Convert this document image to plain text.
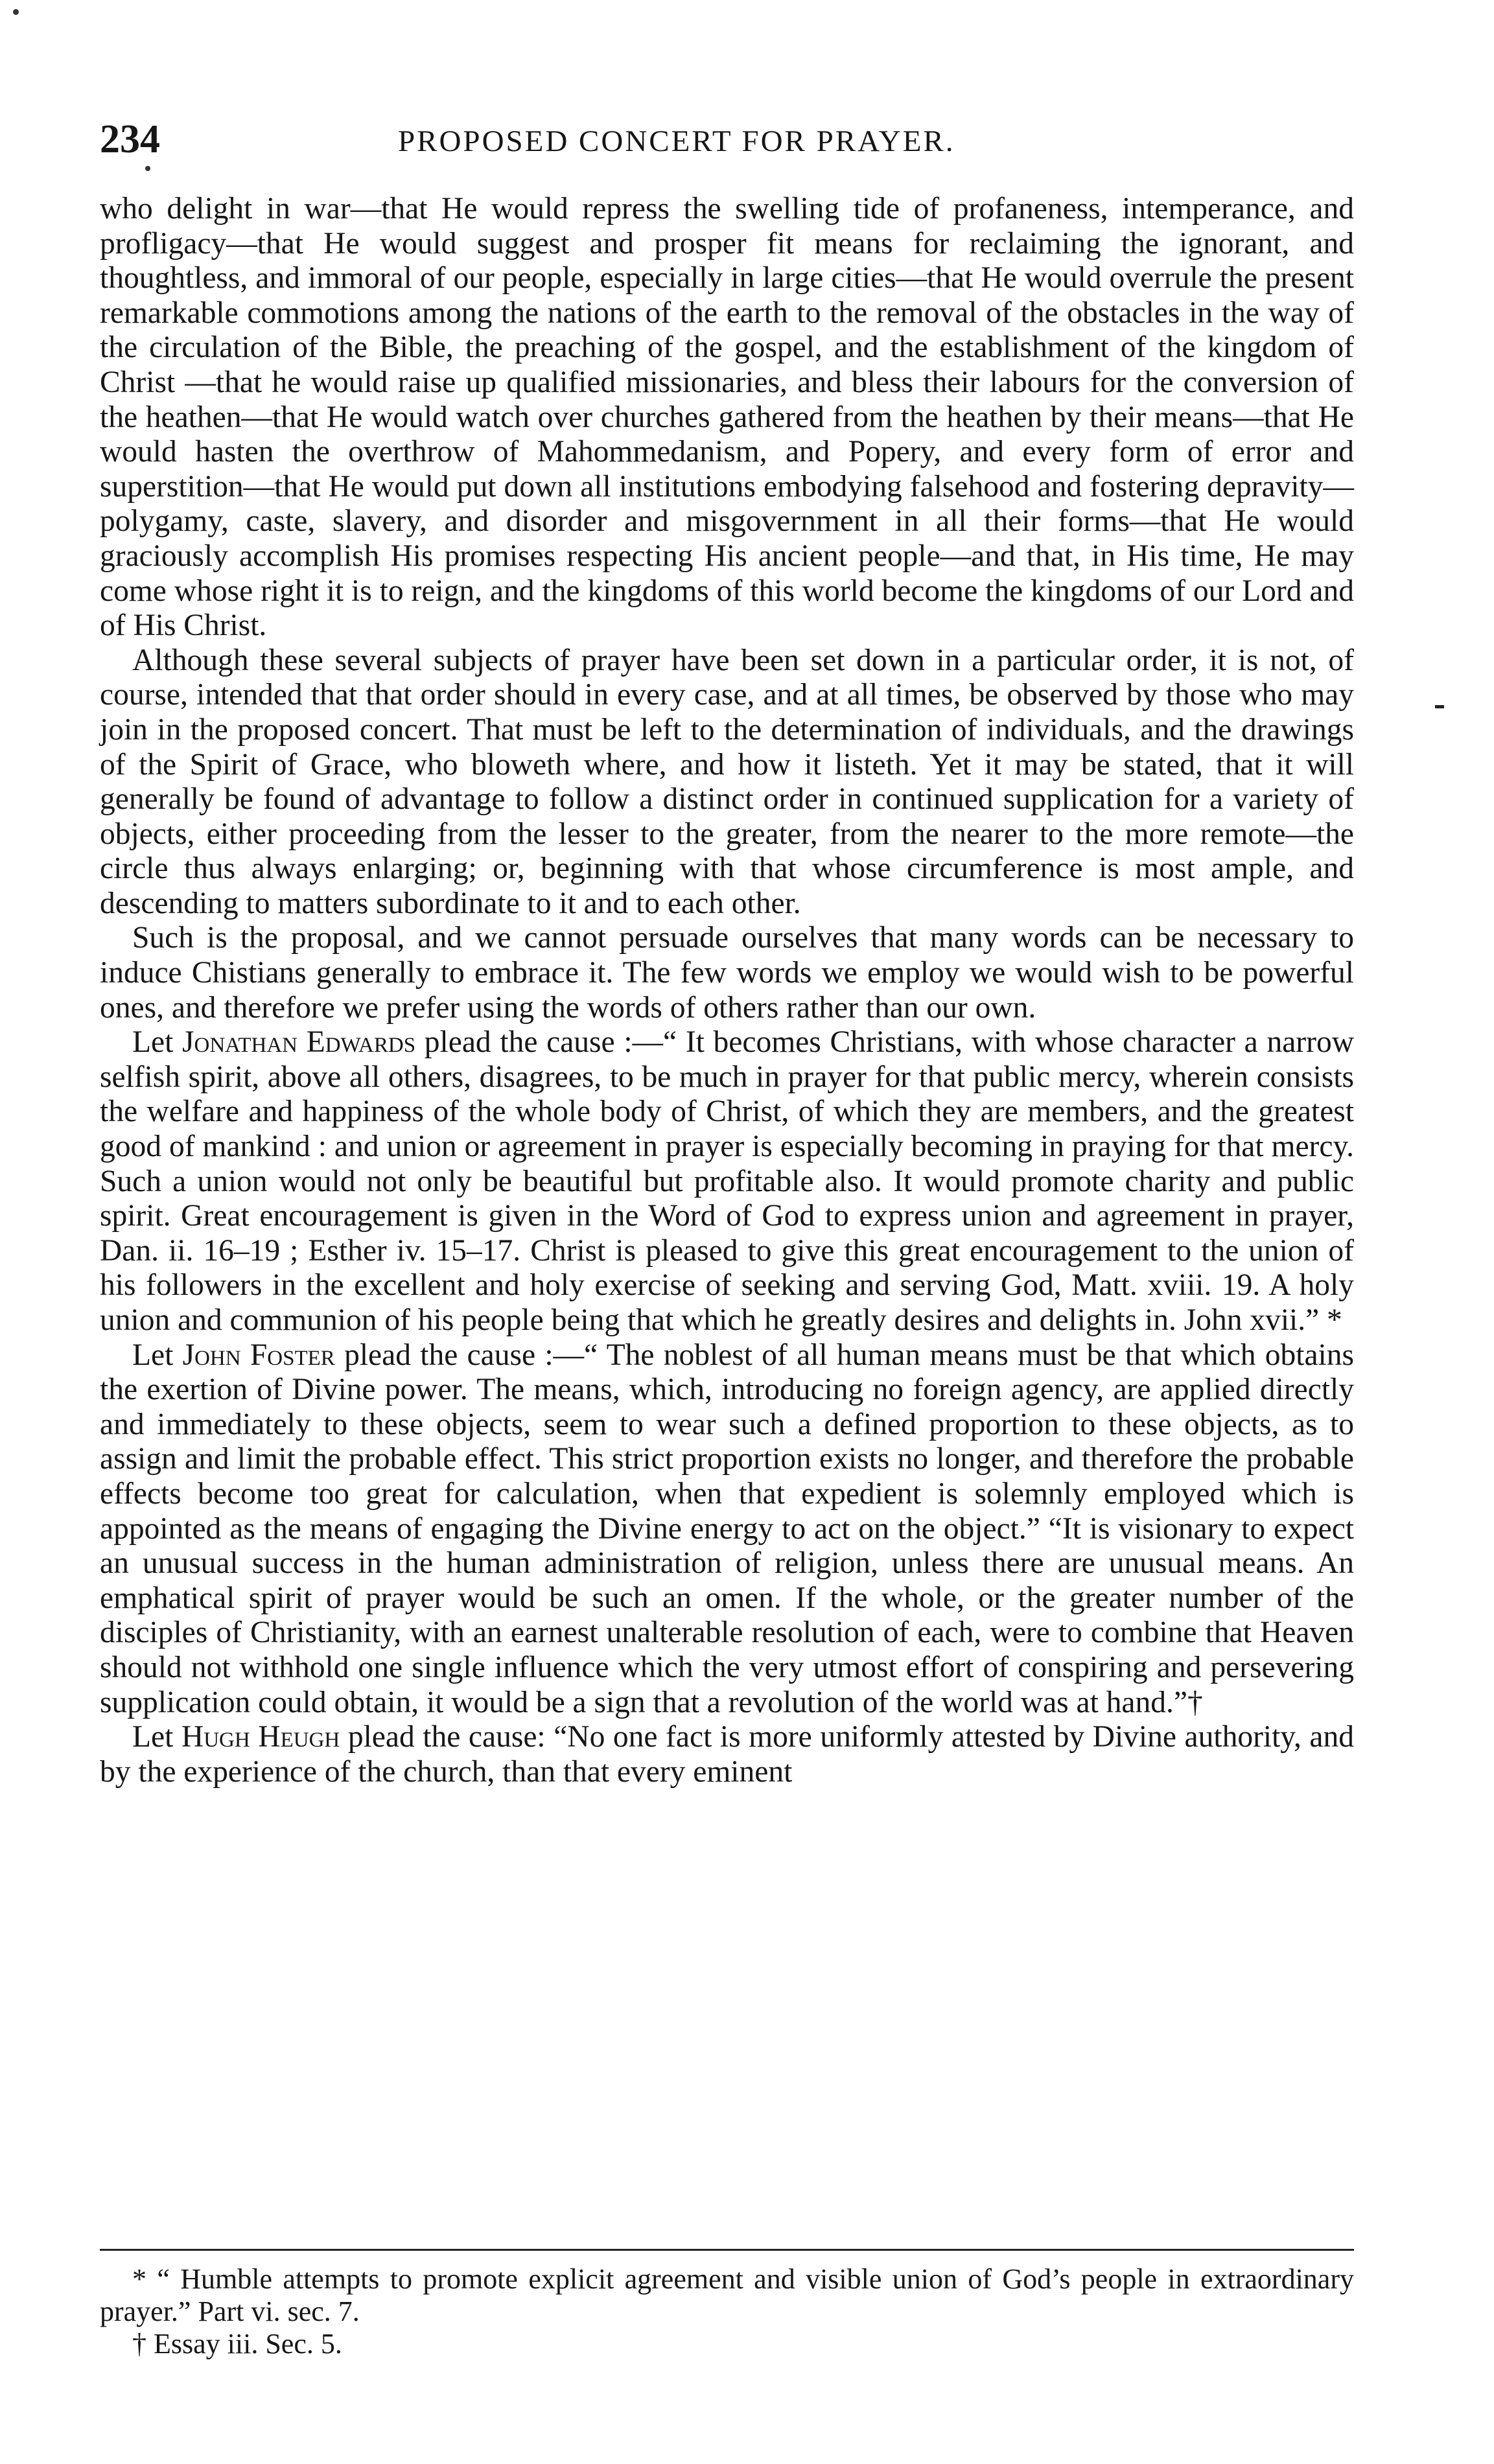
234	PROPOSED CONCERT FOR PRAYER.

who delight in war—that He would repress the swelling tide of profaneness, intemperance, and profligacy—that He would suggest and prosper fit means for reclaiming the ignorant, and thoughtless, and immoral of our people, especially in large cities—that He would overrule the present remarkable commotions among the nations of the earth to the removal of the obstacles in the way of the circulation of the Bible, the preaching of the gospel, and the establishment of the kingdom of Christ —that he would raise up qualified missionaries, and bless their labours for the conversion of the heathen—that He would watch over churches gathered from the heathen by their means—that He would hasten the overthrow of Mahommedanism, and Popery, and every form of error and superstition—that He would put down all institutions embodying falsehood and fostering depravity—polygamy, caste, slavery, and disorder and misgovernment in all their forms—that He would graciously accomplish His promises respecting His ancient people—and that, in His time, He may come whose right it is to reign, and the kingdoms of this world become the kingdoms of our Lord and of His Christ.

Although these several subjects of prayer have been set down in a particular order, it is not, of course, intended that that order should in every case, and at all times, be observed by those who may join in the proposed concert. That must be left to the determination of individuals, and the drawings of the Spirit of Grace, who bloweth where, and how it listeth. Yet it may be stated, that it will generally be found of advantage to follow a distinct order in continued supplication for a variety of objects, either proceeding from the lesser to the greater, from the nearer to the more remote—the circle thus always enlarging; or, beginning with that whose circumference is most ample, and descending to matters subordinate to it and to each other.

Such is the proposal, and we cannot persuade ourselves that many words can be necessary to induce Chistians generally to embrace it. The few words we employ we would wish to be powerful ones, and therefore we prefer using the words of others rather than our own.

Let Jonathan Edwards plead the cause :—“ It becomes Christians, with whose character a narrow selfish spirit, above all others, disagrees, to be much in prayer for that public mercy, wherein consists the welfare and happiness of the whole body of Christ, of which they are members, and the greatest good of mankind : and union or agreement in prayer is especially becoming in praying for that mercy. Such a union would not only be beautiful but profitable also. It would promote charity and public spirit. Great encouragement is given in the Word of God to express union and agreement in prayer, Dan. ii. 16–19 ; Esther iv. 15–17. Christ is pleased to give this great encouragement to the union of his followers in the excellent and holy exercise of seeking and serving God, Matt. xviii. 19. A holy union and communion of his people being that which he greatly desires and delights in. John xvii.” *

Let John Foster plead the cause :—“ The noblest of all human means must be that which obtains the exertion of Divine power. The means, which, introducing no foreign agency, are applied directly and immediately to these objects, seem to wear such a defined proportion to these objects, as to assign and limit the probable effect. This strict proportion exists no longer, and therefore the probable effects become too great for calculation, when that expedient is solemnly employed which is appointed as the means of engaging the Divine energy to act on the object.” “It is visionary to expect an unusual success in the human administration of religion, unless there are unusual means. An emphatical spirit of prayer would be such an omen. If the whole, or the greater number of the disciples of Christianity, with an earnest unalterable resolution of each, were to combine that Heaven should not withhold one single influence which the very utmost effort of conspiring and persevering supplication could obtain, it would be a sign that a revolution of the world was at hand.”†

Let Hugh Heugh plead the cause: “No one fact is more uniformly attested by Divine authority, and by the experience of the church, than that every eminent

* “ Humble attempts to promote explicit agreement and visible union of God’s people in extraordinary prayer.” Part vi. sec. 7.

† Essay iii. Sec. 5.
